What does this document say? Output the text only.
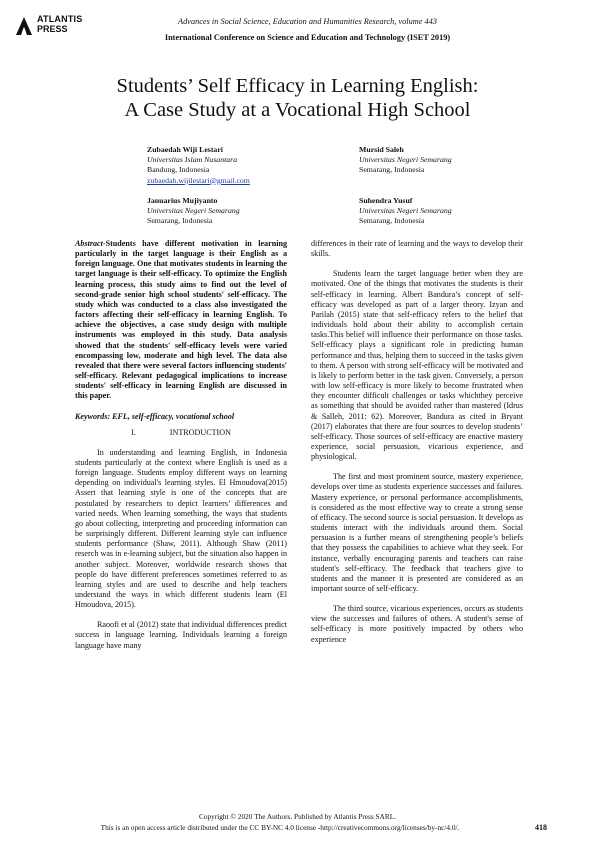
ATLANTIS
PRESS
Advances in Social Science, Education and Humanities Research, volume 443
International Conference on Science and Education and Technology (ISET 2019)
Students’ Self Efficacy in Learning English:
A Case Study at a Vocational High School
Zubaedah Wiji Lestari
Universitas Islam Nusantara
Bandung, Indonesia
zubaedah.wijilestari@gmail.com
Mursid Saleh
Universitas Negeri Semarang
Semarang, Indonesia
Januarius Mujiyanto
Universitas Negeri Semarang
Semarang, Indonesia
Suhendra Yusuf
Universitas Negeri Semarang
Semarang, Indonesia

Abstract-Students have different motivation in learning particularly in the target language is their English as a foreign language. One that motivates students in learning the target language is their self-efficacy. To optimize the English learning process, this study aims to find out the level of second-grade senior high school students' self-efficacy. The study which was conducted to a class also investigated the factors affecting their self-efficacy in learning English. To achieve the objectives, a case study design with multiple instruments was employed in this study. Data analysis showed that the students' self-efficacy levels were varied encompassing low, moderate and high level. The data also revealed that there were several factors influencing students' self-efficacy. Relevant pedagogical implications to increase students' self-efficacy in learning English are discussed in this paper.

Keywords: EFL, self-efficacy, vocational school

I.	INTRODUCTION

In understanding and learning English, in Indonesia students particularly at the context where English is used as a foreign language. Students employ different ways on learning depending on individual's learning styles. El Hmoudova(2015) Assert that learning style is one of the concepts that are postulated by researchers to depict learners’ differences and varied needs. When learning something, the ways that students go about collecting, interpreting and proceeding information can be surprisingly different. Different learning style can influence students performance (Shaw, 2011). Although Shaw (2011) reserch was in e-learning subject, but the situation also happen in another subject. Moreover, worldwide research shows that people do have different preferences sometimes referred to as learning styles and are used to describe and help teachers understand the ways in which different students learn (El Hmoudova, 2015).

Raoofi et al (2012) state that individual differences predict success in language learning. Individuals learning a foreign language have many

differences in their rate of learning and the ways to develop their skills.

Students learn the target language better when they are motivated. One of the things that motivates the students is their self-efficacy in learning. Albert Bandura’s concept of self-efficacy was developed as part of a larger theory. Izyan and Parilah (2015) state that self-efficacy refers to the belief that individuals hold about their ability to accomplish certain tasks.This belief will influence their performance on those tasks. Self-efficacy plays a significant role in predicting human performance and thus, helping them to succeed in the tasks given to them. A person with strong self-efficacy will be motivated and is likely to perform better in the task given. Conversely, a person with low self-efficacy is more likely to become frustrated when they encounter difficult challenges or tasks whichthey perceive as something that should be avoided rather than mastered (Idrus & Salleh, 2011: 62). Moreover, Bandura as cited in Bryant (2017) elaborates that there are four sources to develop students’ self-efficacy. Those sources of self-efficacy are enactive mastery experience, social persuasion, vicarious experience, and physiological.

The first and most prominent source, mastery experience, develops over time as students experience successes and failures. Mastery experience, or personal performance accomplishments, is considered as the most effective way to create a strong sense of efficacy. The second source is social persuasion. It develops as students interact with the individuals around them. Social persuasion is a further means of strengthening people’s beliefs that they possess the capabilities to achieve what they seek. For instance, verbally encouraging parents and teachers can raise student's self-efficacy. The feedback that teachers give to students and the manner it is presented are considered as an important source of self-efficacy.

The third source, vicarious experiences, occurs as students view the successes and failures of others. A student's sense of self-efficacy is more positively impacted by others who experience

Copyright © 2020 The Authors. Published by Atlantis Press SARL.
This is an open access article distributed under the CC BY-NC 4.0 license -http://creativecommons.org/licenses/by-nc/4.0/.	418
